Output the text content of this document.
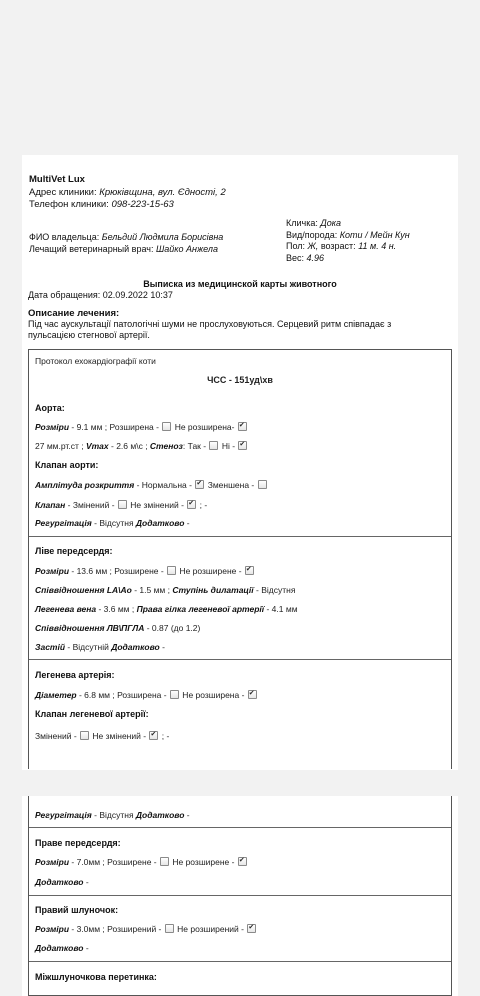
MultiVet Lux
Адрес клиники: Крюківщина, вул. Єдності, 2
Телефон клиники: 098-223-15-63
ФИО владельца: Бельдий Людмила Борисівна
Лечащий ветеринарный врач: Шайко Анжела
Кличка: Дока
Вид/порода: Коти / Мейн Кун
Пол: Ж, возраст: 11 м. 4 н.
Вес: 4.96
Выписка из медицинской карты животного
Дата обращения: 02.09.2022 10:37
Описание лечения:
Під час аускультації патологічні шуми не прослуховуються. Серцевий ритм співпадає з пульсацією стегнової артерії.
Протокол ехокардіографії коти
ЧСС - 151уд\хв
Аорта:
Розміри - 9.1 мм ; Розширена -  Не розширена- ✔
27 мм.рт.ст ; Vmax - 2.6 м\с ; Стеноз: Так -  Ні - ✔
Клапан аорти:
Амплітуда розкриття - Нормальна - ✔ Зменшена -
Клапан - Змінений -  Не змінений - ✔ ; -
Регургітація - Відсутня Додатково -
Ліве передсердя:
Розміри - 13.6 мм ; Розширене -  Не розширене - ✔
Співвідношення LA\Ao - 1.5 мм ; Ступінь дилатації - Відсутня
Легенева вена - 3.6 мм ; Права гілка легеневої артерії - 4.1 мм
Співвідношення ЛВ\ПГЛА - 0.87 (до 1.2)
Застій - Відсутній Додатково -
Легенева артерія:
Діаметер - 6.8 мм ; Розширена -  Не розширена - ✔
Клапан легеневої артерії:
Змінений -  Не змінений - ✔ ; -
Регургітація - Відсутня Додатково -
Праве передсердя:
Розміри - 7.0мм ; Розширене -  Не розширене - ✔
Додатково -
Правий шлуночок:
Розміри - 3.0мм ; Розширений -  Не розширений - ✔
Додатково -
Міжшлуночкова перетинка:
